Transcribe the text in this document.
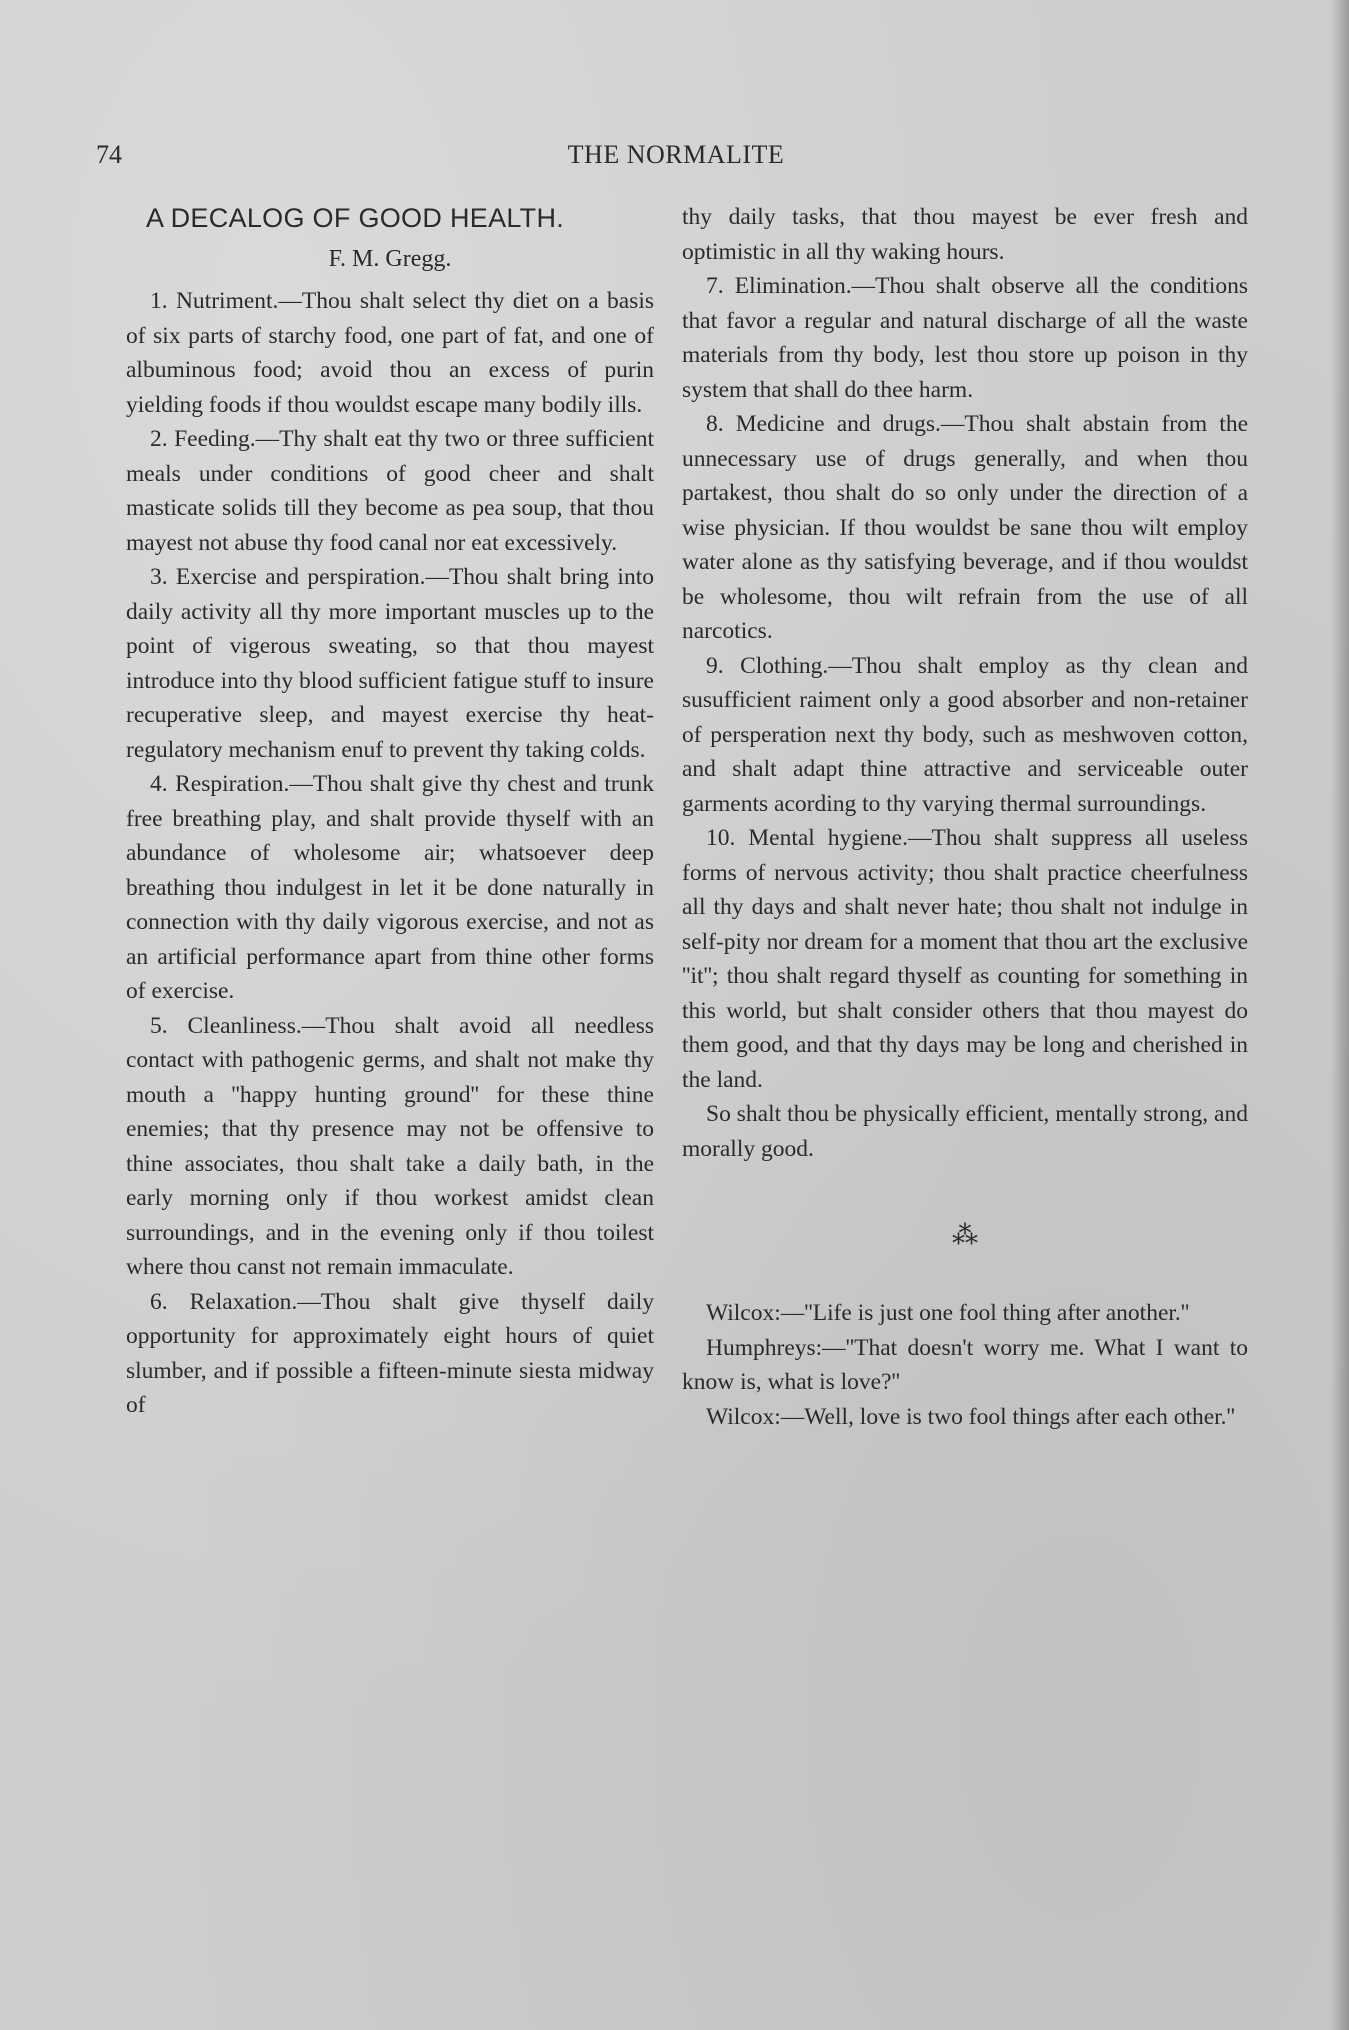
74	THE NORMALITE
A DECALOG OF GOOD HEALTH.
F. M. Gregg.

1. Nutriment.—Thou shalt select thy diet on a basis of six parts of starchy food, one part of fat, and one of albuminous food; avoid thou an excess of purin yielding foods if thou wouldst escape many bodily ills.

2. Feeding.—Thy shalt eat thy two or three sufficient meals under conditions of good cheer and shalt masticate solids till they become as pea soup, that thou mayest not abuse thy food canal nor eat excessively.

3. Exercise and perspiration.—Thou shalt bring into daily activity all thy more important muscles up to the point of vigerous sweating, so that thou mayest introduce into thy blood sufficient fatigue stuff to insure recuperative sleep, and mayest exercise thy heat-regulatory mechanism enuf to prevent thy taking colds.

4. Respiration.—Thou shalt give thy chest and trunk free breathing play, and shalt provide thyself with an abundance of wholesome air; whatsoever deep breathing thou indulgest in let it be done naturally in connection with thy daily vigorous exercise, and not as an artificial performance apart from thine other forms of exercise.

5. Cleanliness.—Thou shalt avoid all needless contact with pathogenic germs, and shalt not make thy mouth a ''happy hunting ground'' for these thine enemies; that thy presence may not be offensive to thine associates, thou shalt take a daily bath, in the early morning only if thou workest amidst clean surroundings, and in the evening only if thou toilest where thou canst not remain immaculate.

6. Relaxation.—Thou shalt give thyself daily opportunity for approximately eight hours of quiet slumber, and if possible a fifteen-minute siesta midway of

thy daily tasks, that thou mayest be ever fresh and optimistic in all thy waking hours.

7. Elimination.—Thou shalt observe all the conditions that favor a regular and natural discharge of all the waste materials from thy body, lest thou store up poison in thy system that shall do thee harm.

8. Medicine and drugs.—Thou shalt abstain from the unnecessary use of drugs generally, and when thou partakest, thou shalt do so only under the direction of a wise physician. If thou wouldst be sane thou wilt employ water alone as thy satisfying beverage, and if thou wouldst be wholesome, thou wilt refrain from the use of all narcotics.

9. Clothing.—Thou shalt employ as thy clean and susufficient raiment only a good absorber and non-retainer of persperation next thy body, such as meshwoven cotton, and shalt adapt thine attractive and serviceable outer garments acording to thy varying thermal surroundings.

10. Mental hygiene.—Thou shalt suppress all useless forms of nervous activity; thou shalt practice cheerfulness all thy days and shalt never hate; thou shalt not indulge in self-pity nor dream for a moment that thou art the exclusive ''it''; thou shalt regard thyself as counting for something in this world, but shalt consider others that thou mayest do them good, and that thy days may be long and cherished in the land.

So shalt thou be physically efficient, mentally strong, and morally good.

⁂

Wilcox:—''Life is just one fool thing after another.''

Humphreys:—''That doesn't worry me. What I want to know is, what is love?''

Wilcox:—Well, love is two fool things after each other.''
